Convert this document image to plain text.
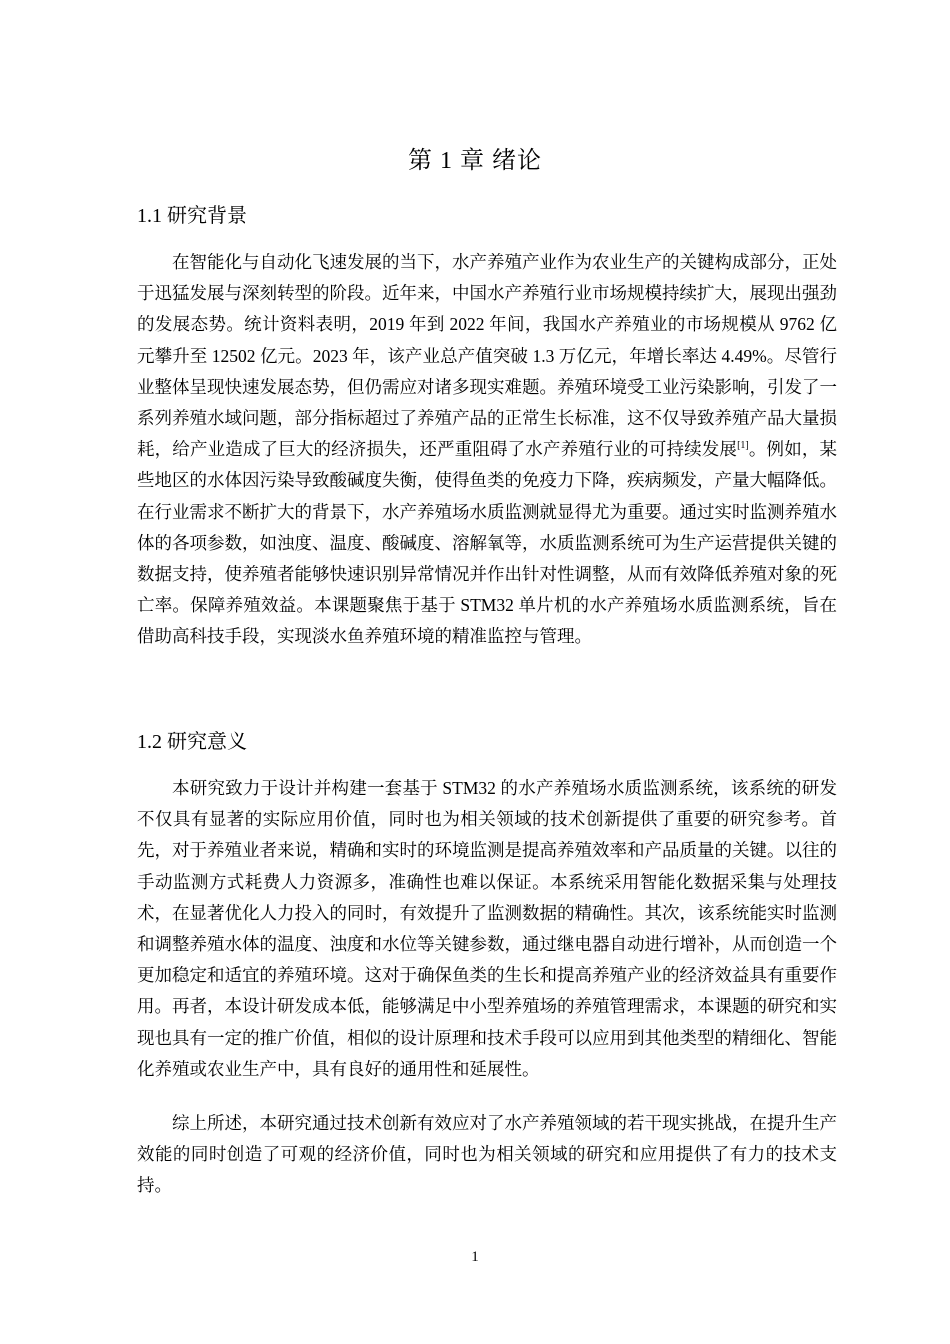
第 1 章 绪论
1.1 研究背景

在智能化与自动化飞速发展的当下，水产养殖产业作为农业生产的关键构成部分，正处于迅猛发展与深刻转型的阶段。近年来，中国水产养殖行业市场规模持续扩大，展现出强劲的发展态势。统计资料表明，2019 年到 2022 年间，我国水产养殖业的市场规模从 9762 亿元攀升至 12502 亿元。2023 年，该产业总产值突破 1.3 万亿元，年增长率达 4.49%。尽管行业整体呈现快速发展态势，但仍需应对诸多现实难题。养殖环境受工业污染影响，引发了一系列养殖水域问题，部分指标超过了养殖产品的正常生长标准，这不仅导致养殖产品大量损耗，给产业造成了巨大的经济损失，还严重阻碍了水产养殖行业的可持续发展[1]。例如，某些地区的水体因污染导致酸碱度失衡，使得鱼类的免疫力下降，疾病频发，产量大幅降低。在行业需求不断扩大的背景下，水产养殖场水质监测就显得尤为重要。通过实时监测养殖水体的各项参数，如浊度、温度、酸碱度、溶解氧等，水质监测系统可为生产运营提供关键的数据支持，使养殖者能够快速识别异常情况并作出针对性调整，从而有效降低养殖对象的死亡率。保障养殖效益。本课题聚焦于基于 STM32 单片机的水产养殖场水质监测系统，旨在借助高科技手段，实现淡水鱼养殖环境的精准监控与管理。

1.2 研究意义

本研究致力于设计并构建一套基于 STM32 的水产养殖场水质监测系统，该系统的研发不仅具有显著的实际应用价值，同时也为相关领域的技术创新提供了重要的研究参考。首先，对于养殖业者来说，精确和实时的环境监测是提高养殖效率和产品质量的关键。以往的手动监测方式耗费人力资源多，准确性也难以保证。本系统采用智能化数据采集与处理技术，在显著优化人力投入的同时，有效提升了监测数据的精确性。其次，该系统能实时监测和调整养殖水体的温度、浊度和水位等关键参数，通过继电器自动进行增补，从而创造一个更加稳定和适宜的养殖环境。这对于确保鱼类的生长和提高养殖产业的经济效益具有重要作用。再者，本设计研发成本低，能够满足中小型养殖场的养殖管理需求，本课题的研究和实现也具有一定的推广价值，相似的设计原理和技术手段可以应用到其他类型的精细化、智能化养殖或农业生产中，具有良好的通用性和延展性。

综上所述，本研究通过技术创新有效应对了水产养殖领域的若干现实挑战，在提升生产效能的同时创造了可观的经济价值，同时也为相关领域的研究和应用提供了有力的技术支持。

1
